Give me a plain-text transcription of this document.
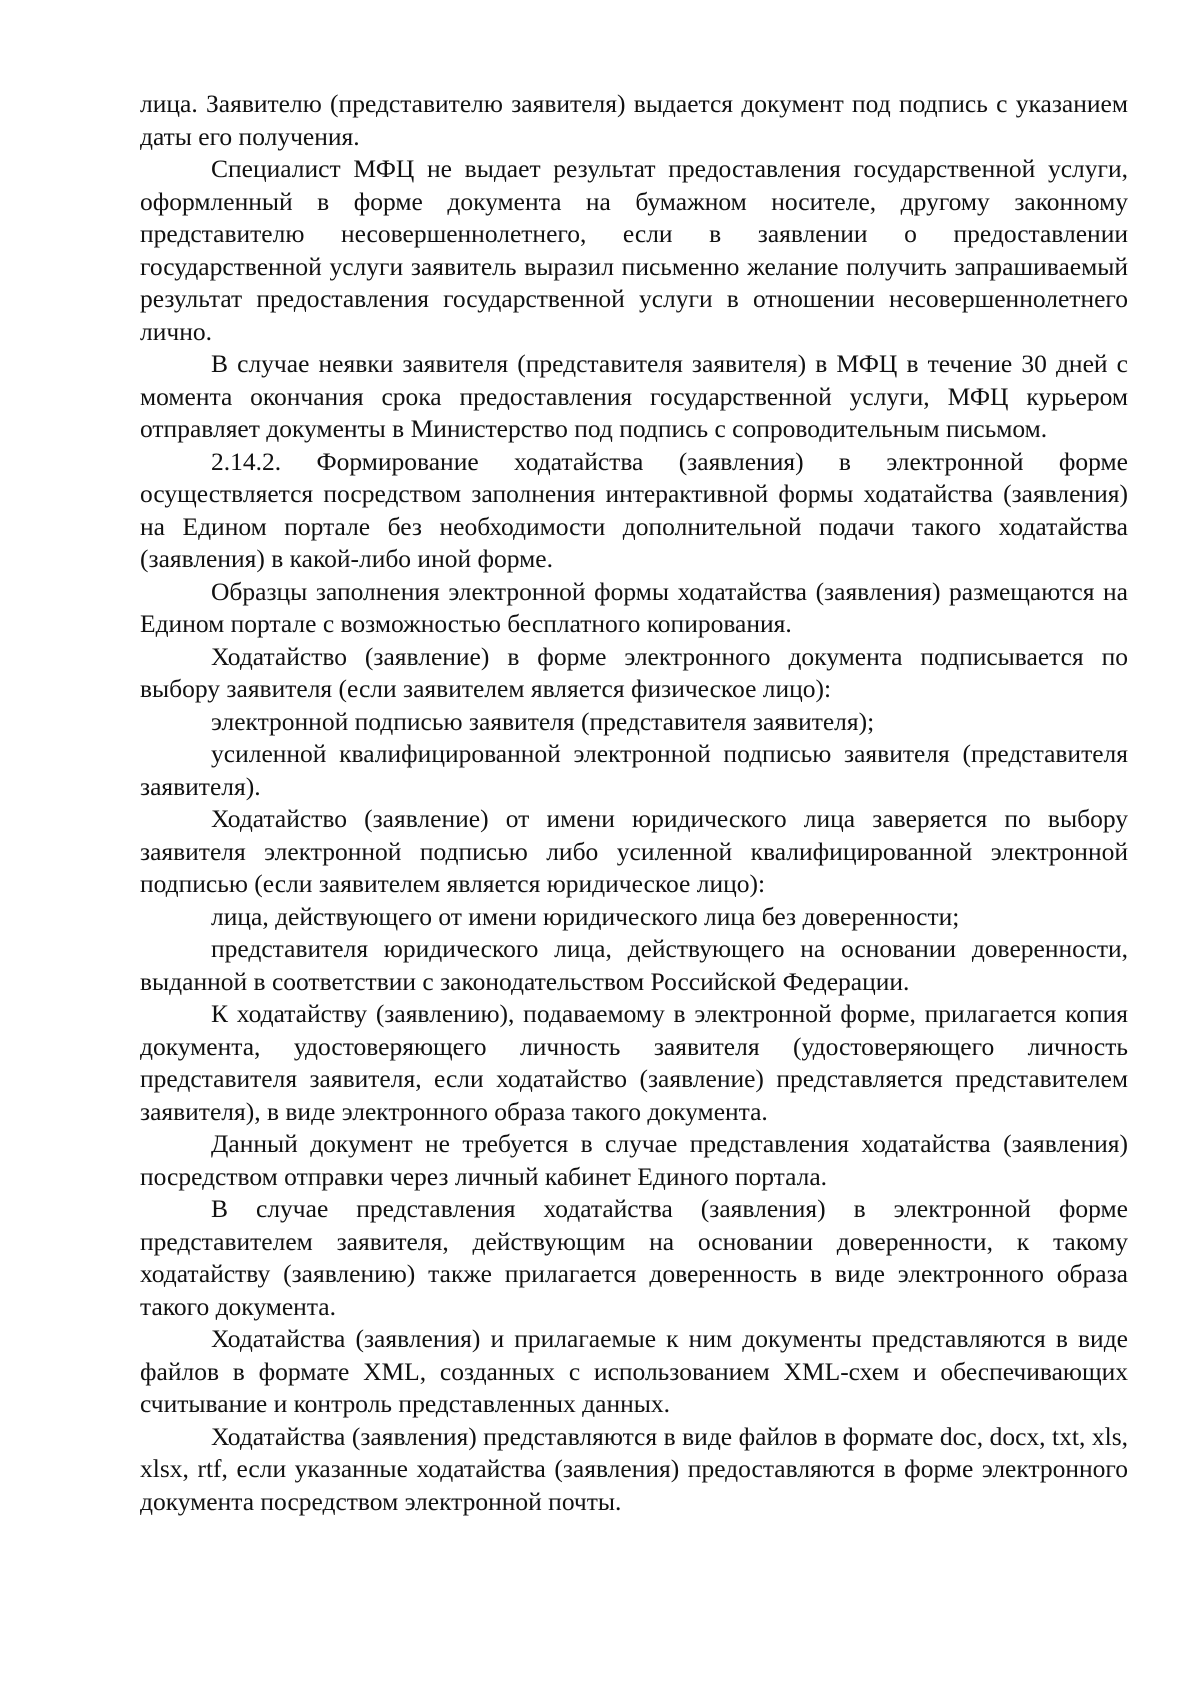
лица. Заявителю (представителю заявителя) выдается документ под подпись с указанием даты его получения.

Специалист МФЦ не выдает результат предоставления государственной услуги, оформленный в форме документа на бумажном носителе, другому законному представителю несовершеннолетнего, если в заявлении о предоставлении государственной услуги заявитель выразил письменно желание получить запрашиваемый результат предоставления государственной услуги в отношении несовершеннолетнего лично.

В случае неявки заявителя (представителя заявителя) в МФЦ в течение 30 дней с момента окончания срока предоставления государственной услуги, МФЦ курьером отправляет документы в Министерство под подпись с сопроводительным письмом.

2.14.2. Формирование ходатайства (заявления) в электронной форме осуществляется посредством заполнения интерактивной формы ходатайства (заявления) на Едином портале без необходимости дополнительной подачи такого ходатайства (заявления) в какой-либо иной форме.

Образцы заполнения электронной формы ходатайства (заявления) размещаются на Едином портале с возможностью бесплатного копирования.

Ходатайство (заявление) в форме электронного документа подписывается по выбору заявителя (если заявителем является физическое лицо):

электронной подписью заявителя (представителя заявителя);

усиленной квалифицированной электронной подписью заявителя (представителя заявителя).

Ходатайство (заявление) от имени юридического лица заверяется по выбору заявителя электронной подписью либо усиленной квалифицированной электронной подписью (если заявителем является юридическое лицо):

лица, действующего от имени юридического лица без доверенности;

представителя юридического лица, действующего на основании доверенности, выданной в соответствии с законодательством Российской Федерации.

К ходатайству (заявлению), подаваемому в электронной форме, прилагается копия документа, удостоверяющего личность заявителя (удостоверяющего личность представителя заявителя, если ходатайство (заявление) представляется представителем заявителя), в виде электронного образа такого документа.

Данный документ не требуется в случае представления ходатайства (заявления) посредством отправки через личный кабинет Единого портала.

В случае представления ходатайства (заявления) в электронной форме представителем заявителя, действующим на основании доверенности, к такому ходатайству (заявлению) также прилагается доверенность в виде электронного образа такого документа.

Ходатайства (заявления) и прилагаемые к ним документы представляются в виде файлов в формате XML, созданных с использованием XML-схем и обеспечивающих считывание и контроль представленных данных.

Ходатайства (заявления) представляются в виде файлов в формате doc, docx, txt, xls, xlsx, rtf, если указанные ходатайства (заявления) предоставляются в форме электронного документа посредством электронной почты.
